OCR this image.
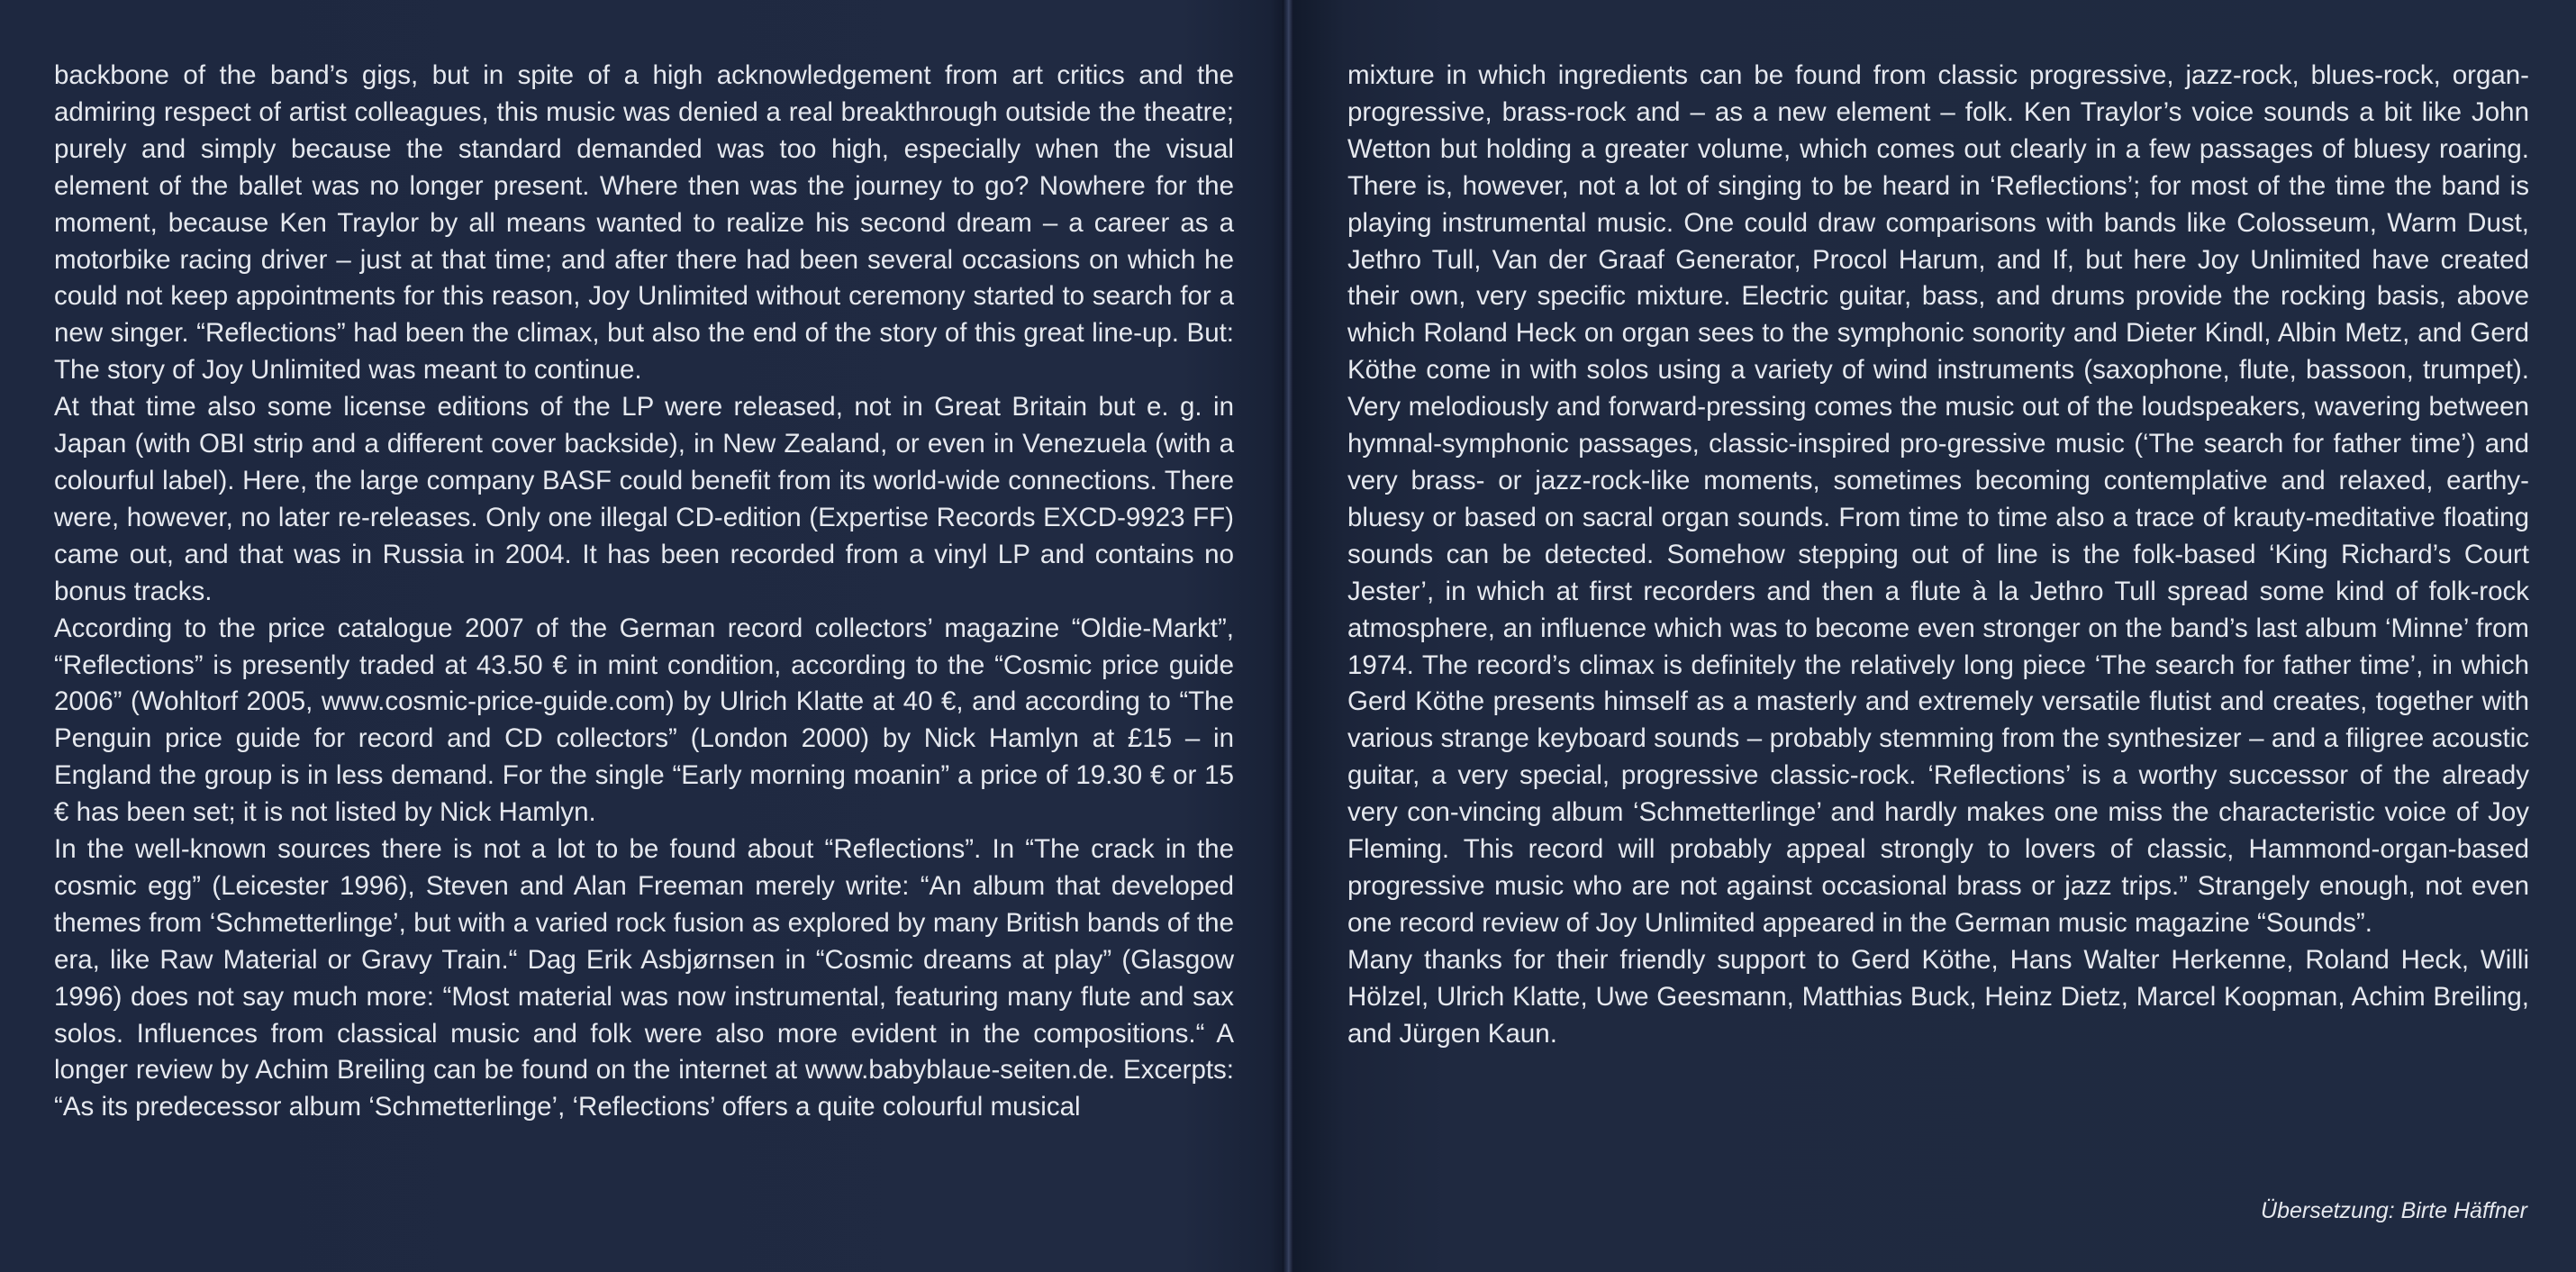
backbone of the band’s gigs, but in spite of a high acknowledgement from art critics and the admiring respect of artist colleagues, this music was denied a real breakthrough outside the theatre; purely and simply because the standard demanded was too high, especially when the visual element of the ballet was no longer present. Where then was the journey to go? Nowhere for the moment, because Ken Traylor by all means wanted to realize his second dream – a career as a motorbike racing driver – just at that time; and after there had been several occasions on which he could not keep appointments for this reason, Joy Unlimited without ceremony started to search for a new singer. “Reflections” had been the climax, but also the end of the story of this great line-up. But: The story of Joy Unlimited was meant to continue.

At that time also some license editions of the LP were released, not in Great Britain but e. g. in Japan (with OBI strip and a different cover backside), in New Zealand, or even in Venezuela (with a colourful label). Here, the large company BASF could benefit from its world-wide connections. There were, however, no later re-releases. Only one illegal CD-edition (Expertise Records EXCD-9923 FF) came out, and that was in Russia in 2004. It has been recorded from a vinyl LP and contains no bonus tracks.

According to the price catalogue 2007 of the German record collectors’ magazine “Oldie-Markt”, “Reflections” is presently traded at 43.50 € in mint condition, according to the “Cosmic price guide 2006” (Wohltorf 2005, www.cosmic-price-guide.com) by Ulrich Klatte at 40 €, and according to “The Penguin price guide for record and CD collectors” (London 2000) by Nick Hamlyn at £15 – in England the group is in less demand. For the single “Early morning moanin” a price of 19.30 € or 15 € has been set; it is not listed by Nick Hamlyn.

In the well-known sources there is not a lot to be found about “Reflections”. In “The crack in the cosmic egg” (Leicester 1996), Steven and Alan Freeman merely write: “An album that developed themes from ‘Schmetterlinge’, but with a varied rock fusion as explored by many British bands of the era, like Raw Material or Gravy Train.“ Dag Erik Asbjørnsen in “Cosmic dreams at play” (Glasgow 1996) does not say much more: “Most material was now instrumental, featuring many flute and sax solos. Influences from classical music and folk were also more evident in the compositions.“ A longer review by Achim Breiling can be found on the internet at www.babyblaue-seiten.de. Excerpts: “As its predecessor album ‘Schmetterlinge’, ‘Reflections’ offers a quite colourful musical

mixture in which ingredients can be found from classic progressive, jazz-rock, blues-rock, organ-progressive, brass-rock and – as a new element – folk. Ken Traylor’s voice sounds a bit like John Wetton but holding a greater volume, which comes out clearly in a few passages of bluesy roaring. There is, however, not a lot of singing to be heard in ‘Reflections’; for most of the time the band is playing instrumental music. One could draw comparisons with bands like Colosseum, Warm Dust, Jethro Tull, Van der Graaf Generator, Procol Harum, and If, but here Joy Unlimited have created their own, very specific mixture. Electric guitar, bass, and drums provide the rocking basis, above which Roland Heck on organ sees to the symphonic sonority and Dieter Kindl, Albin Metz, and Gerd Köthe come in with solos using a variety of wind instruments (saxophone, flute, bassoon, trumpet). Very melodiously and forward-pressing comes the music out of the loudspeakers, wavering between hymnal-symphonic passages, classic-inspired pro-gressive music (‘The search for father time’) and very brass- or jazz-rock-like moments, sometimes becoming contemplative and relaxed, earthy-bluesy or based on sacral organ sounds. From time to time also a trace of krauty-meditative floating sounds can be detected. Somehow stepping out of line is the folk-based ‘King Richard’s Court Jester’, in which at first recorders and then a flute à la Jethro Tull spread some kind of folk-rock atmosphere, an influence which was to become even stronger on the band’s last album ‘Minne’ from 1974. The record’s climax is definitely the relatively long piece ‘The search for father time’, in which Gerd Köthe presents himself as a masterly and extremely versatile flutist and creates, together with various strange keyboard sounds – probably stemming from the synthesizer – and a filigree acoustic guitar, a very special, progressive classic-rock. ‘Reflections’ is a worthy successor of the already very con-vincing album ‘Schmetterlinge’ and hardly makes one miss the characteristic voice of Joy Fleming. This record will probably appeal strongly to lovers of classic, Hammond-organ-based progressive music who are not against occasional brass or jazz trips.” Strangely enough, not even one record review of Joy Unlimited appeared in the German music magazine “Sounds”.

Many thanks for their friendly support to Gerd Köthe, Hans Walter Herkenne, Roland Heck, Willi Hölzel, Ulrich Klatte, Uwe Geesmann, Matthias Buck, Heinz Dietz, Marcel Koopman, Achim Breiling, and Jürgen Kaun.

Übersetzung: Birte Häffner
